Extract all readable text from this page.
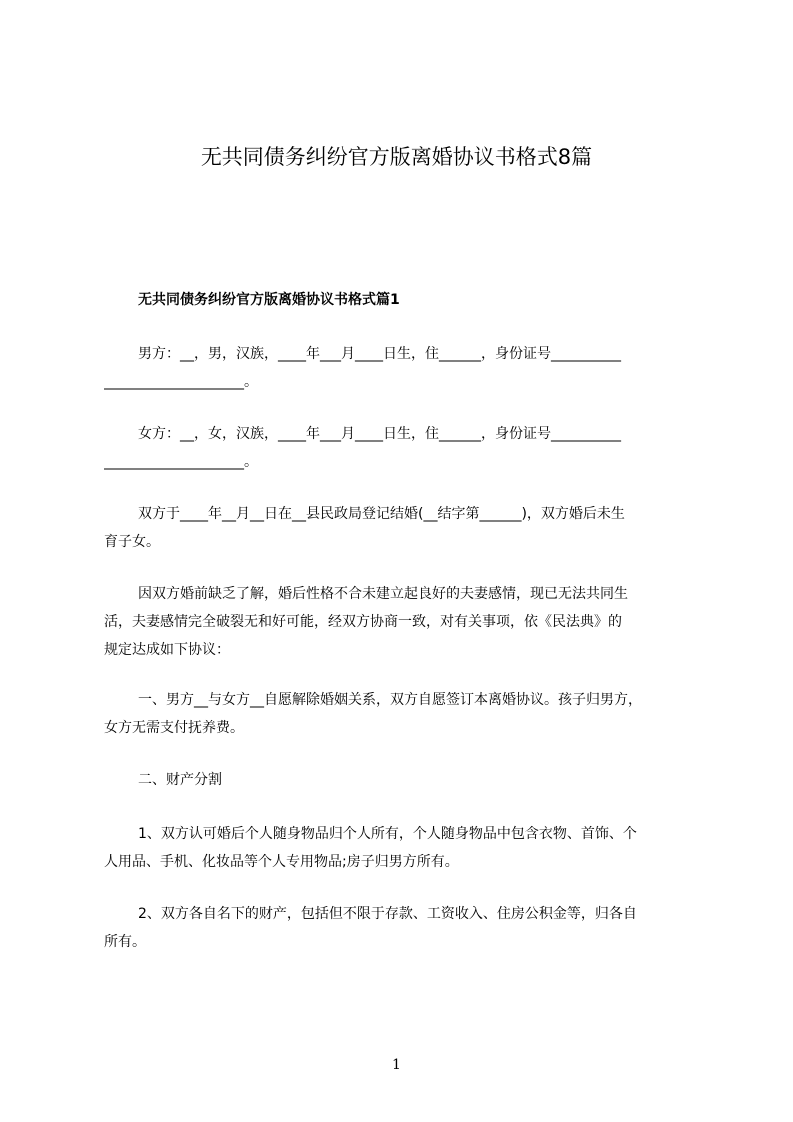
无共同债务纠纷官方版离婚协议书格式8篇
无共同债务纠纷官方版离婚协议书格式篇1
男方：__，男，汉族，____年___月____日生，住______，身份证号__________
____________________。
女方：__，女，汉族，____年___月____日生，住______，身份证号__________
____________________。
双方于____年__月__日在__县民政局登记结婚(__结字第______)，双方婚后未生
育子女。
因双方婚前缺乏了解，婚后性格不合未建立起良好的夫妻感情，现已无法共同生
活，夫妻感情完全破裂无和好可能，经双方协商一致，对有关事项，依《民法典》的
规定达成如下协议：
一、男方__与女方__自愿解除婚姻关系，双方自愿签订本离婚协议。孩子归男方，
女方无需支付抚养费。
二、财产分割
1、双方认可婚后个人随身物品归个人所有，个人随身物品中包含衣物、首饰、个
人用品、手机、化妆品等个人专用物品;房子归男方所有。
2、双方各自名下的财产，包括但不限于存款、工资收入、住房公积金等，归各自
所有。
1
